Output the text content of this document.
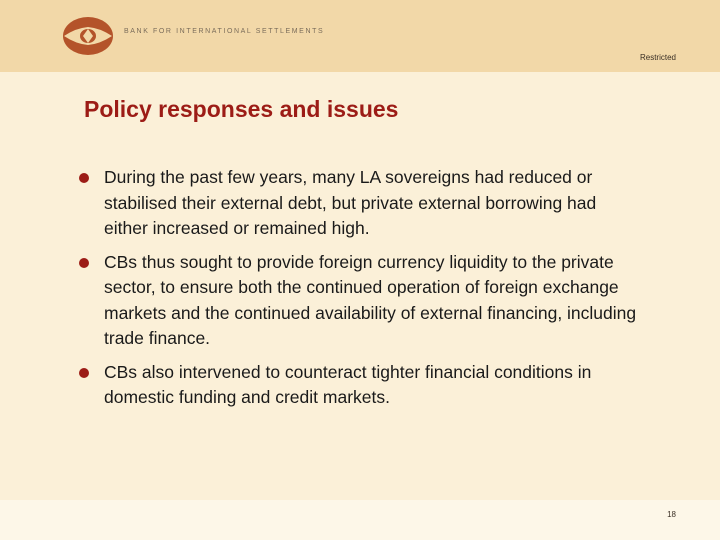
BANK FOR INTERNATIONAL SETTLEMENTS
Restricted
Policy responses and issues
During the past few years, many LA sovereigns had reduced or stabilised their external debt, but private external borrowing had either increased or remained high.
CBs thus sought to provide foreign currency liquidity to the private sector, to ensure both the continued operation of foreign exchange markets and the continued availability of external financing, including trade finance.
CBs also intervened to counteract tighter financial conditions in domestic funding and credit markets.
18
